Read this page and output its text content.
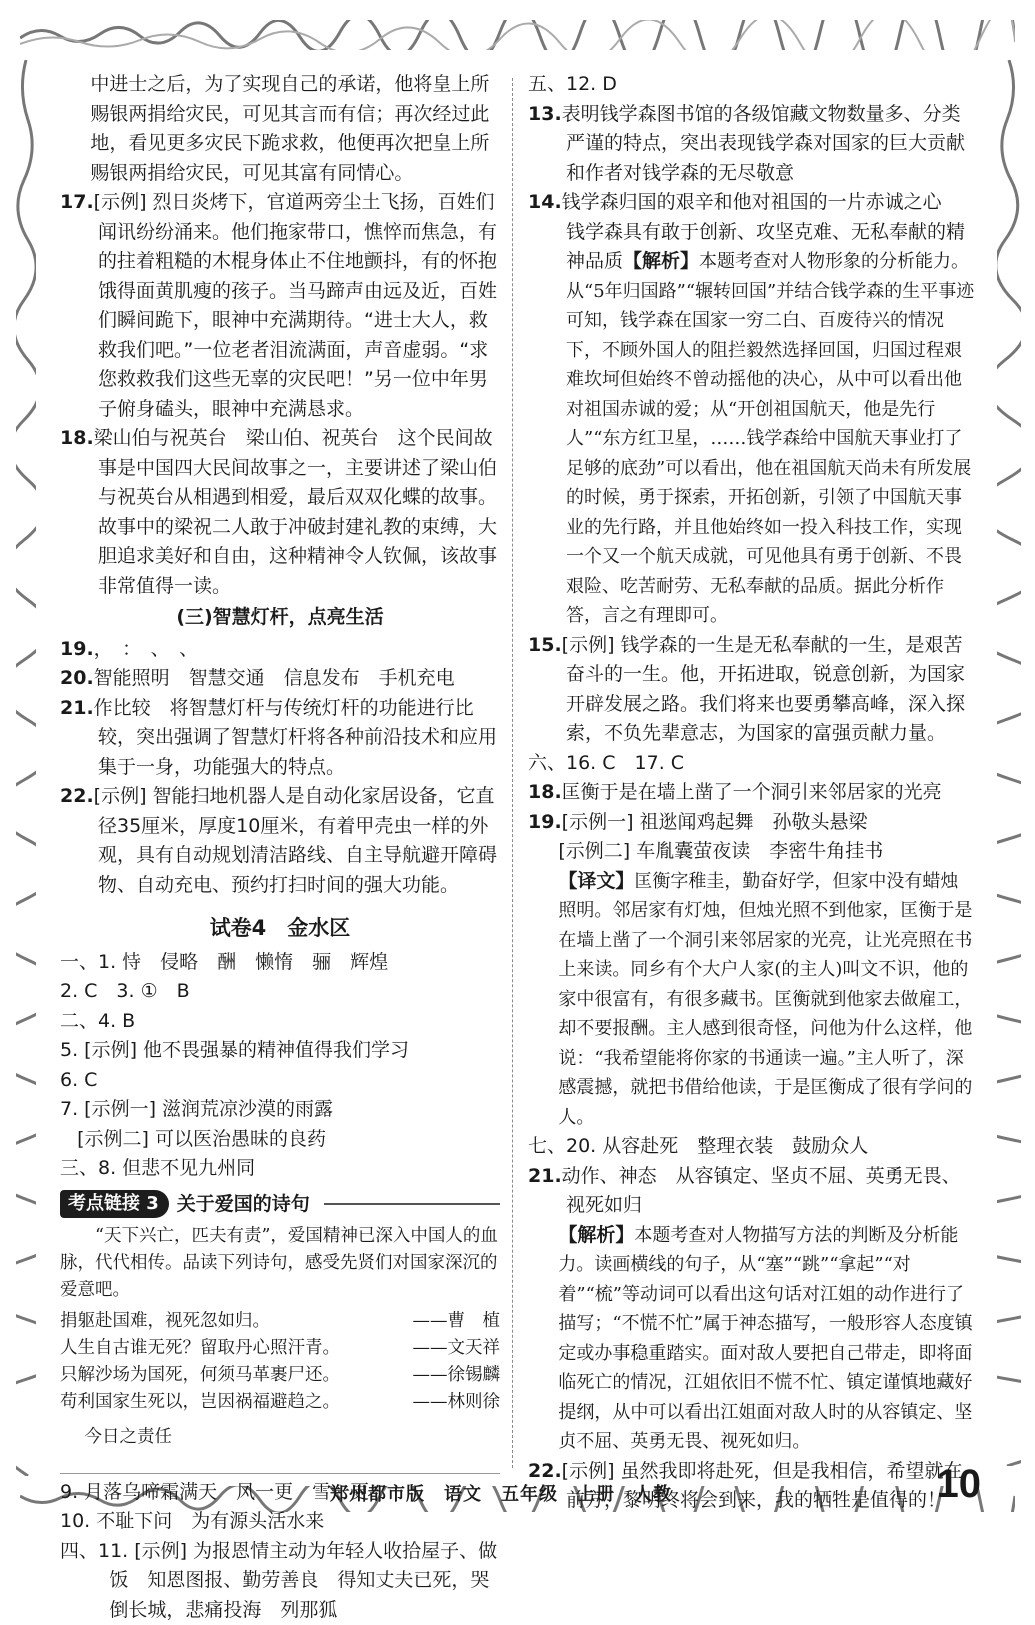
中进士之后，为了实现自己的承诺，他将皇上所赐银两捐给灾民，可见其言而有信；再次经过此地，看见更多灾民下跪求救，他便再次把皇上所赐银两捐给灾民，可见其富有同情心。

17.[示例] 烈日炎烤下，官道两旁尘土飞扬，百姓们闻讯纷纷涌来。他们拖家带口，憔悴而焦急，有的拄着粗糙的木棍身体止不住地颤抖，有的怀抱饿得面黄肌瘦的孩子。当马蹄声由远及近，百姓们瞬间跪下，眼神中充满期待。“进士大人，救救我们吧。”一位老者泪流满面，声音虚弱。“求您救救我们这些无辜的灾民吧！”另一位中年男子俯身磕头，眼神中充满恳求。

18.梁山伯与祝英台　梁山伯、祝英台　这个民间故事是中国四大民间故事之一，主要讲述了梁山伯与祝英台从相遇到相爱，最后双双化蝶的故事。故事中的梁祝二人敢于冲破封建礼教的束缚，大胆追求美好和自由，这种精神令人钦佩，该故事非常值得一读。

(三)智慧灯杆，点亮生活

19.，　：　、　、

20.智能照明　智慧交通　信息发布　手机充电

21.作比较　将智慧灯杆与传统灯杆的功能进行比较，突出强调了智慧灯杆将各种前沿技术和应用集于一身，功能强大的特点。

22.[示例] 智能扫地机器人是自动化家居设备，它直径35厘米，厚度10厘米，有着甲壳虫一样的外观，具有自动规划清洁路线、自主导航避开障碍物、自动充电、预约打扫时间的强大功能。

试卷4　金水区

一、1. 恃　侵略　酬　懒惰　骊　辉煌

2. C　3. ①　B

二、4. B

5. [示例] 他不畏强暴的精神值得我们学习

6. C

7. [示例一] 滋润荒凉沙漠的雨露

[示例二] 可以医治愚昧的良药

三、8. 但悲不见九州同

考点链接 3 关于爱国的诗句

“天下兴亡，匹夫有责”，爱国精神已深入中国人的血脉，代代相传。品读下列诗句，感受先贤们对国家深沉的爱意吧。

捐躯赴国难，视死忽如归。	——曹　植
人生自古谁无死？留取丹心照汗青。	——文天祥
只解沙场为国死，何须马革裹尸还。	——徐锡麟
苟利国家生死以，岂因祸福避趋之。	——林则徐

今日之责任

9. 月落乌啼霜满天　风一更　雪一更

10. 不耻下问　为有源头活水来

四、11. [示例] 为报恩情主动为年轻人收拾屋子、做饭　知恩图报、勤劳善良　得知丈夫已死，哭倒长城，悲痛投海　列那狐

五、12. D

13.表明钱学森图书馆的各级馆藏文物数量多、分类严谨的特点，突出表现钱学森对国家的巨大贡献和作者对钱学森的无尽敬意

14.钱学森归国的艰辛和他对祖国的一片赤诚之心　钱学森具有敢于创新、攻坚克难、无私奉献的精神品质【解析】本题考查对人物形象的分析能力。从“5年归国路”“辗转回国”并结合钱学森的生平事迹可知，钱学森在国家一穷二白、百废待兴的情况下，不顾外国人的阻拦毅然选择回国，归国过程艰难坎坷但始终不曾动摇他的决心，从中可以看出他对祖国赤诚的爱；从“开创祖国航天，他是先行人”“东方红卫星，……钱学森给中国航天事业打了足够的底劲”可以看出，他在祖国航天尚未有所发展的时候，勇于探索，开拓创新，引领了中国航天事业的先行路，并且他始终如一投入科技工作，实现一个又一个航天成就，可见他具有勇于创新、不畏艰险、吃苦耐劳、无私奉献的品质。据此分析作答，言之有理即可。

15.[示例] 钱学森的一生是无私奉献的一生，是艰苦奋斗的一生。他，开拓进取，锐意创新，为国家开辟发展之路。我们将来也要勇攀高峰，深入探索，不负先辈意志，为国家的富强贡献力量。

六、16. C　17. C

18.匡衡于是在墙上凿了一个洞引来邻居家的光亮

19.[示例一] 祖逖闻鸡起舞　孙敬头悬梁

[示例二] 车胤囊萤夜读　李密牛角挂书

【译文】匡衡字稚圭，勤奋好学，但家中没有蜡烛照明。邻居家有灯烛，但烛光照不到他家，匡衡于是在墙上凿了一个洞引来邻居家的光亮，让光亮照在书上来读。同乡有个大户人家(的主人)叫文不识，他的家中很富有，有很多藏书。匡衡就到他家去做雇工，却不要报酬。主人感到很奇怪，问他为什么这样，他说：“我希望能将你家的书通读一遍。”主人听了，深感震撼，就把书借给他读，于是匡衡成了很有学问的人。

七、20. 从容赴死　整理衣装　鼓励众人

21.动作、神态　从容镇定、坚贞不屈、英勇无畏、视死如归

【解析】本题考查对人物描写方法的判断及分析能力。读画横线的句子，从“塞”“跳”“拿起”“对着”“梳”等动词可以看出这句话对江姐的动作进行了描写；“不慌不忙”属于神态描写，一般形容人态度镇定或办事稳重踏实。面对敌人要把自己带走，即将面临死亡的情况，江姐依旧不慌不忙、镇定谨慎地藏好提纲，从中可以看出江姐面对敌人时的从容镇定、坚贞不屈、英勇无畏、视死如归。

22.[示例] 虽然我即将赴死，但是我相信，希望就在前方，黎明终将会到来，我的牺牲是值得的！

郑州都市版　语文　五年级　上册　人教	10
